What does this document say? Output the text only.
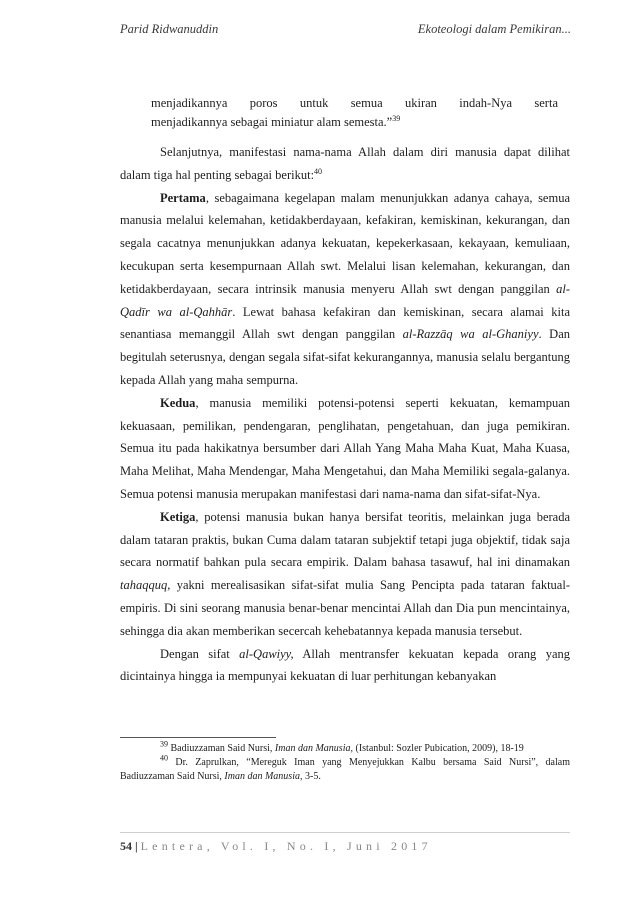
Parid Ridwanuddin	Ekoteologi dalam Pemikiran...
menjadikannya poros untuk semua ukiran indah-Nya serta
menjadikannya sebagai miniatur alam semesta.”$^{39}$

Selanjutnya, manifestasi nama-nama Allah dalam diri manusia dapat dilihat dalam tiga hal penting sebagai berikut:$^{40}$

Pertama, sebagaimana kegelapan malam menunjukkan adanya cahaya, semua manusia melalui kelemahan, ketidakberdayaan, kefakiran, kemiskinan, kekurangan, dan segala cacatnya menunjukkan adanya kekuatan, kepekerkasaan, kekayaan, kemuliaan, kecukupan serta kesempurnaan Allah swt. Melalui lisan kelemahan, kekurangan, dan ketidakberdayaan, secara intrinsik manusia menyeru Allah swt dengan panggilan al-Qadīr wa al-Qahhār. Lewat bahasa kefakiran dan kemiskinan, secara alamai kita senantiasa memanggil Allah swt dengan panggilan al-Razzāq wa al-Ghaniyy. Dan begitulah seterusnya, dengan segala sifat-sifat kekurangannya, manusia selalu bergantung kepada Allah yang maha sempurna.

Kedua, manusia memiliki potensi-potensi seperti kekuatan, kemampuan kekuasaan, pemilikan, pendengaran, penglihatan, pengetahuan, dan juga pemikiran. Semua itu pada hakikatnya bersumber dari Allah Yang Maha Maha Kuat, Maha Kuasa, Maha Melihat, Maha Mendengar, Maha Mengetahui, dan Maha Memiliki segala-galanya. Semua potensi manusia merupakan manifestasi dari nama-nama dan sifat-sifat-Nya.

Ketiga, potensi manusia bukan hanya bersifat teoritis, melainkan juga berada dalam tataran praktis, bukan Cuma dalam tataran subjektif tetapi juga objektif, tidak saja secara normatif bahkan pula secara empirik. Dalam bahasa tasawuf, hal ini dinamakan tahaqquq, yakni merealisasikan sifat-sifat mulia Sang Pencipta pada tataran faktual-empiris. Di sini seorang manusia benar-benar mencintai Allah dan Dia pun mencintainya, sehingga dia akan memberikan secercah kehebatannya kepada manusia tersebut.

Dengan sifat al-Qawiyy, Allah mentransfer kekuatan kepada orang yang dicintainya hingga ia mempunyai kekuatan di luar perhitungan kebanyakan

$^{39}$ Badiuzzaman Said Nursi, Iman dan Manusia, (Istanbul: Sozler Pubication, 2009), 18-19

$^{40}$ Dr. Zaprulkan, “Mereguk Iman yang Menyejukkan Kalbu bersama Said Nursi”, dalam Badiuzzaman Said Nursi, Iman dan Manusia, 3-5.

54 | Lentera, Vol. I, No. I, Juni 2017
